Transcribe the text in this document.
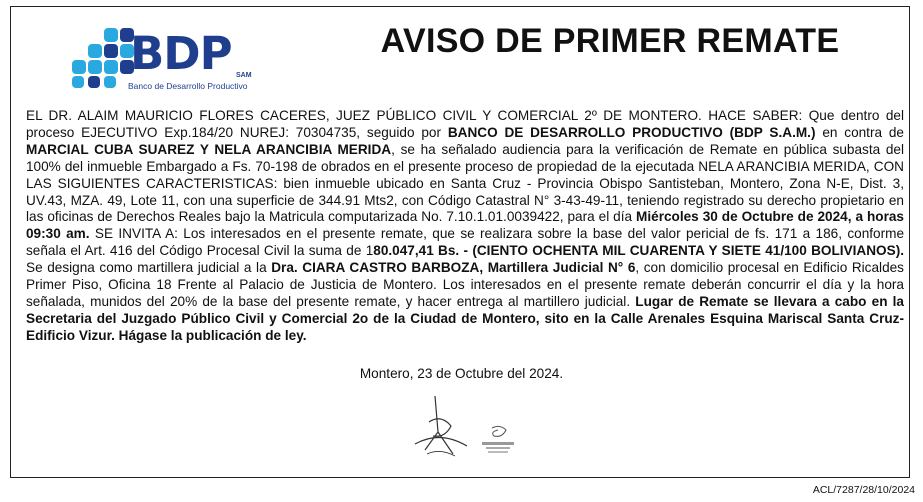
BDP SAM
Banco de Desarrollo Productivo
AVISO DE PRIMER REMATE
EL DR. ALAIM MAURICIO FLORES CACERES, JUEZ PÚBLICO CIVIL Y COMERCIAL 2º DE MONTERO. HACE SABER: Que dentro del proceso EJECUTIVO Exp.184/20 NUREJ: 70304735, seguido por BANCO DE DESARROLLO PRODUCTIVO (BDP S.A.M.) en contra de MARCIAL CUBA SUAREZ Y NELA ARANCIBIA MERIDA, se ha señalado audiencia para la verificación de Remate en pública subasta del 100% del inmueble Embargado a Fs. 70-198 de obrados en el presente proceso de propiedad de la ejecutada NELA ARANCIBIA MERIDA, CON LAS SIGUIENTES CARACTERISTICAS: bien inmueble ubicado en Santa Cruz - Provincia Obispo Santisteban, Montero, Zona N-E, Dist. 3, UV.43, MZA. 49, Lote 11, con una superficie de 344.91 Mts2, con Código Catastral N° 3-43-49-11, teniendo registrado su derecho propietario en las oficinas de Derechos Reales bajo la Matricula computarizada No. 7.10.1.01.0039422, para el día Miércoles 30 de Octubre de 2024, a horas 09:30 am. SE INVITA A: Los interesados en el presente remate, que se realizara sobre la base del valor pericial de fs. 171 a 186, conforme señala el Art. 416 del Código Procesal Civil la suma de 180.047,41 Bs. - (CIENTO OCHENTA MIL CUARENTA Y SIETE 41/100 BOLIVIANOS). Se designa como martillera judicial a la Dra. CIARA CASTRO BARBOZA, Martillera Judicial N° 6, con domicilio procesal en Edificio Ricaldes Primer Piso, Oficina 18 Frente al Palacio de Justicia de Montero. Los interesados en el presente remate deberán concurrir el día y la hora señalada, munidos del 20% de la base del presente remate, y hacer entrega al martillero judicial. Lugar de Remate se llevara a cabo en la Secretaria del Juzgado Público Civil y Comercial 2o de la Ciudad de Montero, sito en la Calle Arenales Esquina Mariscal Santa Cruz-Edificio Vizur. Hágase la publicación de ley.
Montero, 23 de Octubre del 2024.
ACL/7287/28/10/2024
